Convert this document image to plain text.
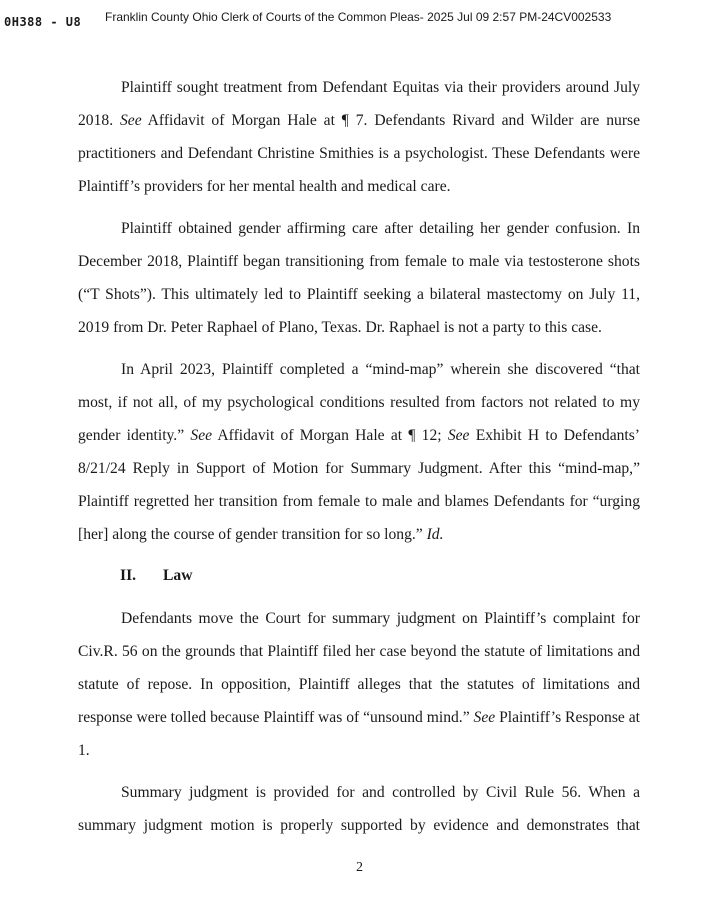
0H388 - U8 Franklin County Ohio Clerk of Courts of the Common Pleas- 2025 Jul 09 2:57 PM-24CV002533

Plaintiff sought treatment from Defendant Equitas via their providers around July 2018. See Affidavit of Morgan Hale at ¶ 7. Defendants Rivard and Wilder are nurse practitioners and Defendant Christine Smithies is a psychologist. These Defendants were Plaintiff’s providers for her mental health and medical care.

Plaintiff obtained gender affirming care after detailing her gender confusion. In December 2018, Plaintiff began transitioning from female to male via testosterone shots (“T Shots”). This ultimately led to Plaintiff seeking a bilateral mastectomy on July 11, 2019 from Dr. Peter Raphael of Plano, Texas. Dr. Raphael is not a party to this case.

In April 2023, Plaintiff completed a “mind-map” wherein she discovered “that most, if not all, of my psychological conditions resulted from factors not related to my gender identity.” See Affidavit of Morgan Hale at ¶ 12; See Exhibit H to Defendants’ 8/21/24 Reply in Support of Motion for Summary Judgment. After this “mind-map,” Plaintiff regretted her transition from female to male and blames Defendants for “urging [her] along the course of gender transition for so long.” Id.

II. Law

Defendants move the Court for summary judgment on Plaintiff’s complaint for Civ.R. 56 on the grounds that Plaintiff filed her case beyond the statute of limitations and statute of repose. In opposition, Plaintiff alleges that the statutes of limitations and response were tolled because Plaintiff was of “unsound mind.” See Plaintiff’s Response at 1.

Summary judgment is provided for and controlled by Civil Rule 56. When a summary judgment motion is properly supported by evidence and demonstrates that

2
